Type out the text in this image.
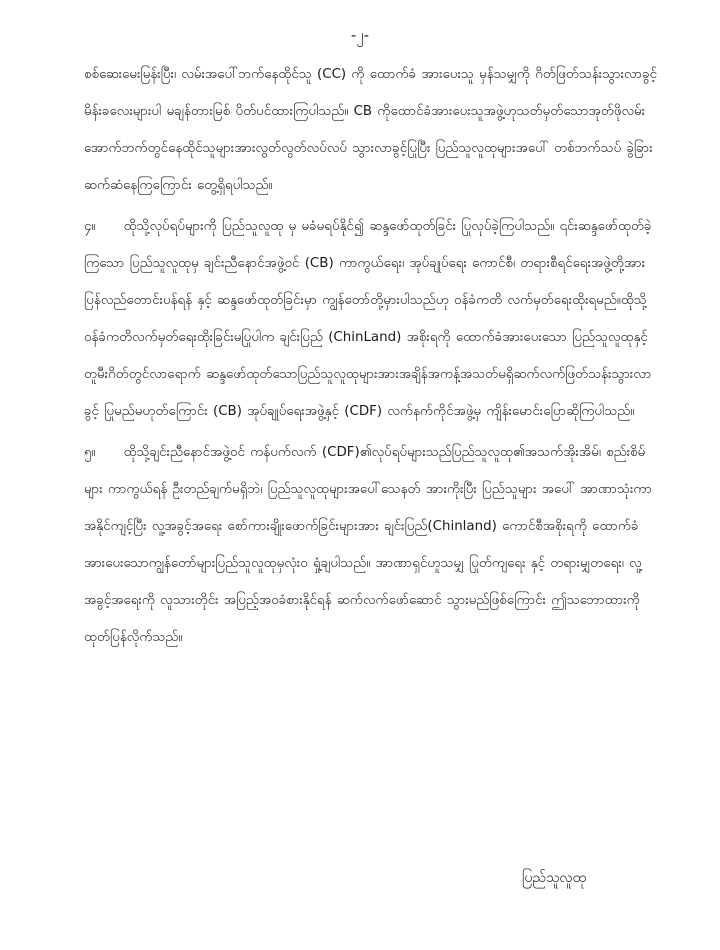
-၂-

စစ်ဆေးမေးမြန်းပြီး၊ လမ်းအပေါ်ဘက်နေထိုင်သူ (CC) ကို ထောက်ခံ အားပေးသူ မှန်သမျှကို ဂိတ်ဖြတ်သန်းသွားလာခွင့် မိန်းခလေးများပါ မချန်တားမြစ် ပိတ်ပင်ထားကြပါသည်။ CB ကိုထောင်ခံအားပေးသူအဖွဲ့ဟုသတ်မှတ်သောအုတ်ဖိုလမ်း အောက်ဘက်တွင်နေထိုင်သူများအားလွတ်လွတ်လပ်လပ် သွားလာခွင့်ပြုပြီး ပြည်သူလူထုများအပေါ် တစ်ဘက်သပ် ခွဲခြားဆက်ဆံနေကြကြောင်း တွေ့ရှိရပါသည်။

၄။ ထိုသို့လုပ်ရပ်များကို ပြည်သူလူထု မှ မခံမရပ်နိုင်၍ ဆန္ဒဖော်ထုတ်ခြင်း ပြုလုပ်ခဲ့ကြပါသည်။ ၎င်းဆန္ဒဖော်ထုတ်ခဲ့ကြသော ပြည်သူလူထုမှ ချင်းညီနောင်အဖွဲ့ဝင် (CB) ကာကွယ်ရေး၊ အုပ်ချုပ်ရေး ကောင်စီ၊ တရားစီရင်ရေးအဖွဲ့တို့အား ပြန်လည်တောင်းပန်ရန် နှင့် ဆန္ဒဖော်ထုတ်ခြင်းမှာ ကျွန်တော်တို့မှားပါသည်ဟု ဝန်ခံကတိ လက်မှတ်ရေးထိုးရမည်။ထိုသို့ ဝန်ခံကတိလက်မှတ်ရေးထိုးခြင်းမပြုပါက ချင်းပြည် (ChinLand) အစိုးရကို ထောက်ခံအားပေးသော ပြည်သူလူထုနှင့်တူမီးဂိတ်တွင်လာရောက် ဆန္ဒဖော်ထုတ်သောပြည်သူလူထုများအားအချိန်အကန့်အသတ်မရှိဆက်လက်ဖြတ်သန်းသွားလာခွင့် ပြုမည်မဟုတ်ကြောင်း (CB) အုပ်ချုပ်ရေးအဖွဲ့နှင့် (CDF) လက်နက်ကိုင်အဖွဲ့မှ ကျိန်းမောင်းပြောဆိုကြပါသည်။

၅။ ထိုသို့ချင်းညီနောင်အဖွဲ့ဝင် ကန်ပက်လက် (CDF)၏လုပ်ရပ်များသည်ပြည်သူလူထု၏အသက်အိုးအိမ်၊ စည်းစိမ်များ ကာကွယ်ရန် ဦးတည်ချက်မရှိဘဲ၊ ပြည်သူလူထုများအပေါ်သေနတ် အားကိုးပြီး ပြည်သူများ အပေါ် အာဏာသုံးကာ အနိုင်ကျင့်ပြီး လူ့အခွင့်အရေး စော်ကားချိုးဖောက်ခြင်းများအား ချင်းပြည်(Chinland) ကောင်စီအစိုးရကို ထောက်ခံအားပေးသောကျွန်တော်များပြည်သူလူထုမှလုံးဝ ရှုံ့ချပါသည်။ အာဏာရှင်ဟူသမျှ ပြုတ်ကျရေး နှင့် တရားမျှတရေး၊ လူ့အခွင့်အရေးကို လူသားတိုင်း အပြည့်အဝခံစားနိုင်ရန် ဆက်လက်ဖော်ဆောင် သွားမည်ဖြစ်ကြောင်း ဤသဘောထားကို ထုတ်ပြန်လိုက်သည်။

ပြည်သူလူထု
